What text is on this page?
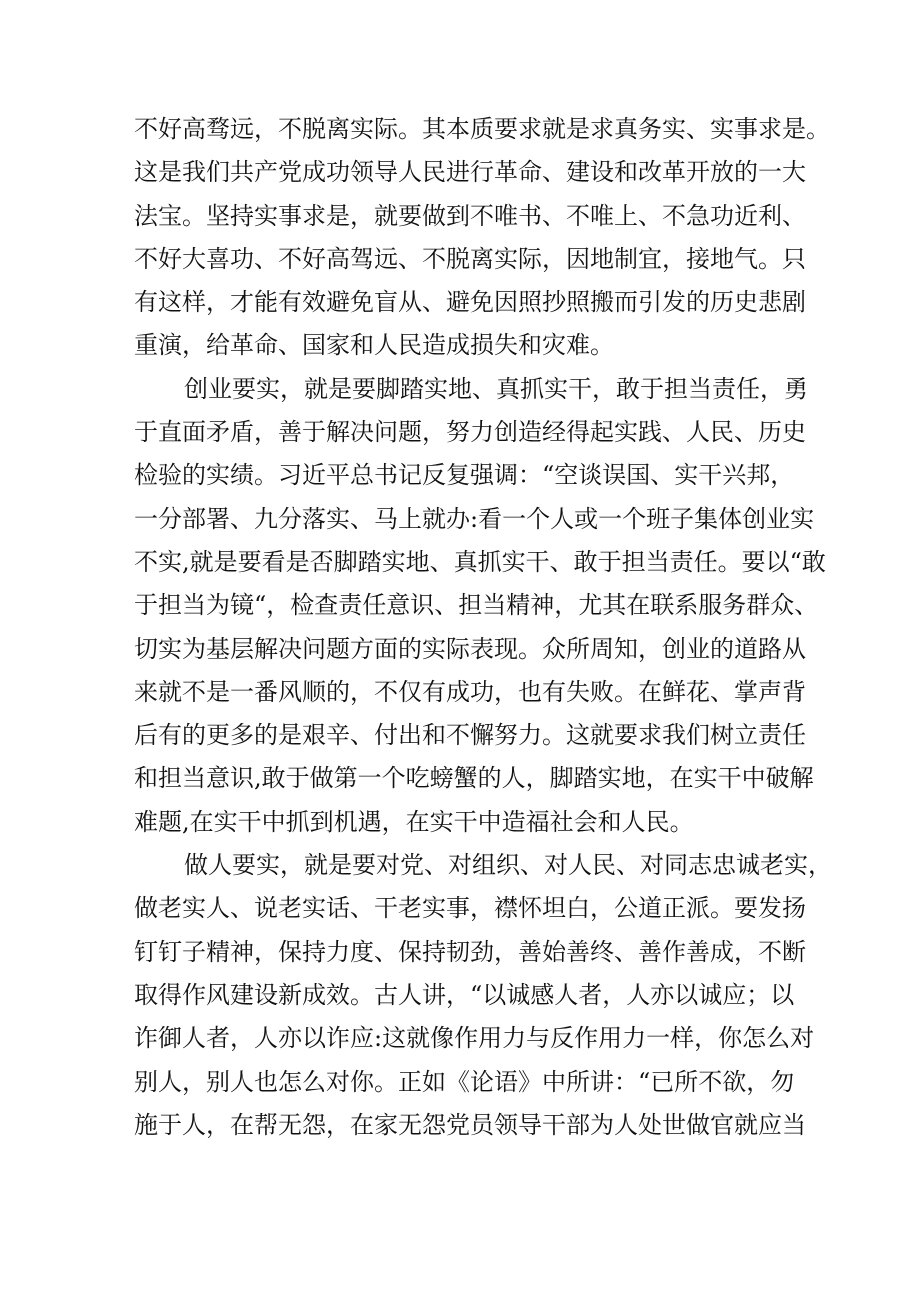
不好高骛远，不脱离实际。其本质要求就是求真务实、实事求是。
这是我们共产党成功领导人民进行革命、建设和改革开放的一大
法宝。坚持实事求是，就要做到不唯书、不唯上、不急功近利、
不好大喜功、不好高驾远、不脱离实际，因地制宜，接地气。只
有这样，才能有效避免盲从、避免因照抄照搬而引发的历史悲剧
重演，给革命、国家和人民造成损失和灾难。
创业要实，就是要脚踏实地、真抓实干，敢于担当责任，勇
于直面矛盾，善于解决问题，努力创造经得起实践、人民、历史
检验的实绩。习近平总书记反复强调：“空谈误国、实干兴邦，
一分部署、九分落实、马上就办:看一个人或一个班子集体创业实
不实,就是要看是否脚踏实地、真抓实干、敢于担当责任。要以“敢
于担当为镜“，检查责任意识、担当精神，尤其在联系服务群众、
切实为基层解决问题方面的实际表现。众所周知，创业的道路从
来就不是一番风顺的，不仅有成功，也有失败。在鲜花、掌声背
后有的更多的是艰辛、付出和不懈努力。这就要求我们树立责任
和担当意识,敢于做第一个吃螃蟹的人，脚踏实地，在实干中破解
难题,在实干中抓到机遇，在实干中造福社会和人民。
做人要实，就是要对党、对组织、对人民、对同志忠诚老实，
做老实人、说老实话、干老实事，襟怀坦白，公道正派。要发扬
钉钉子精神，保持力度、保持韧劲，善始善终、善作善成，不断
取得作风建设新成效。古人讲，“以诚感人者，人亦以诚应；以
诈御人者，人亦以诈应:这就像作用力与反作用力一样，你怎么对
别人，别人也怎么对你。正如《论语》中所讲：“已所不欲，勿
施于人，在帮无怨，在家无怨党员领导干部为人处世做官就应当
